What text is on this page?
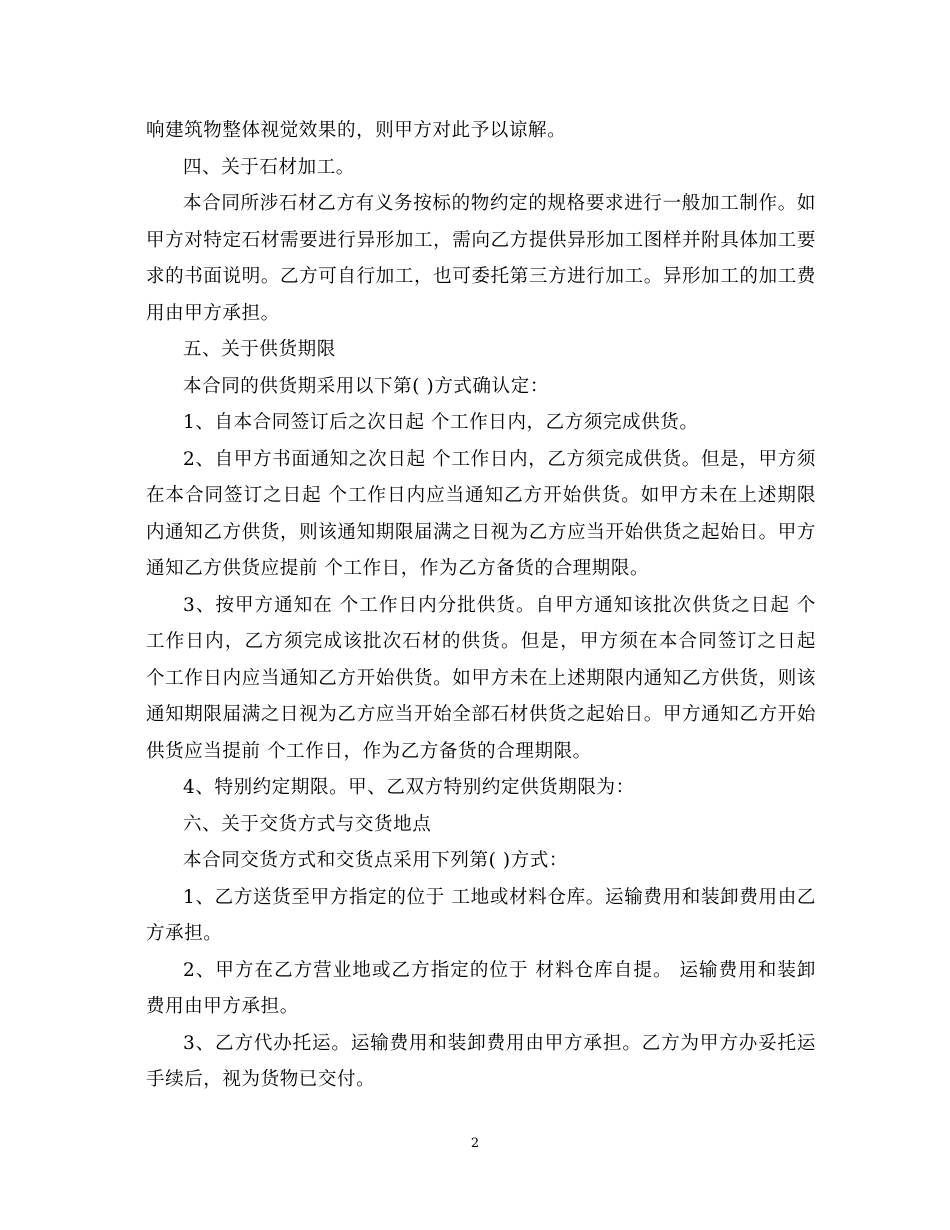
响建筑物整体视觉效果的，则甲方对此予以谅解。

四、关于石材加工。

本合同所涉石材乙方有义务按标的物约定的规格要求进行一般加工制作。如甲方对特定石材需要进行异形加工，需向乙方提供异形加工图样并附具体加工要求的书面说明。乙方可自行加工，也可委托第三方进行加工。异形加工的加工费用由甲方承担。

五、关于供货期限

本合同的供货期采用以下第( )方式确认定：

1、自本合同签订后之次日起 个工作日内，乙方须完成供货。

2、自甲方书面通知之次日起 个工作日内，乙方须完成供货。但是，甲方须在本合同签订之日起 个工作日内应当通知乙方开始供货。如甲方未在上述期限内通知乙方供货，则该通知期限届满之日视为乙方应当开始供货之起始日。甲方通知乙方供货应提前 个工作日，作为乙方备货的合理期限。

3、按甲方通知在 个工作日内分批供货。自甲方通知该批次供货之日起 个工作日内，乙方须完成该批次石材的供货。但是，甲方须在本合同签订之日起 个工作日内应当通知乙方开始供货。如甲方未在上述期限内通知乙方供货，则该通知期限届满之日视为乙方应当开始全部石材供货之起始日。甲方通知乙方开始供货应当提前 个工作日，作为乙方备货的合理期限。

4、特别约定期限。甲、乙双方特别约定供货期限为：

六、关于交货方式与交货地点

本合同交货方式和交货点采用下列第( )方式：

1、乙方送货至甲方指定的位于 工地或材料仓库。运输费用和装卸费用由乙方承担。

2、甲方在乙方营业地或乙方指定的位于 材料仓库自提。 运输费用和装卸费用由甲方承担。

3、乙方代办托运。运输费用和装卸费用由甲方承担。乙方为甲方办妥托运手续后，视为货物已交付。

2
